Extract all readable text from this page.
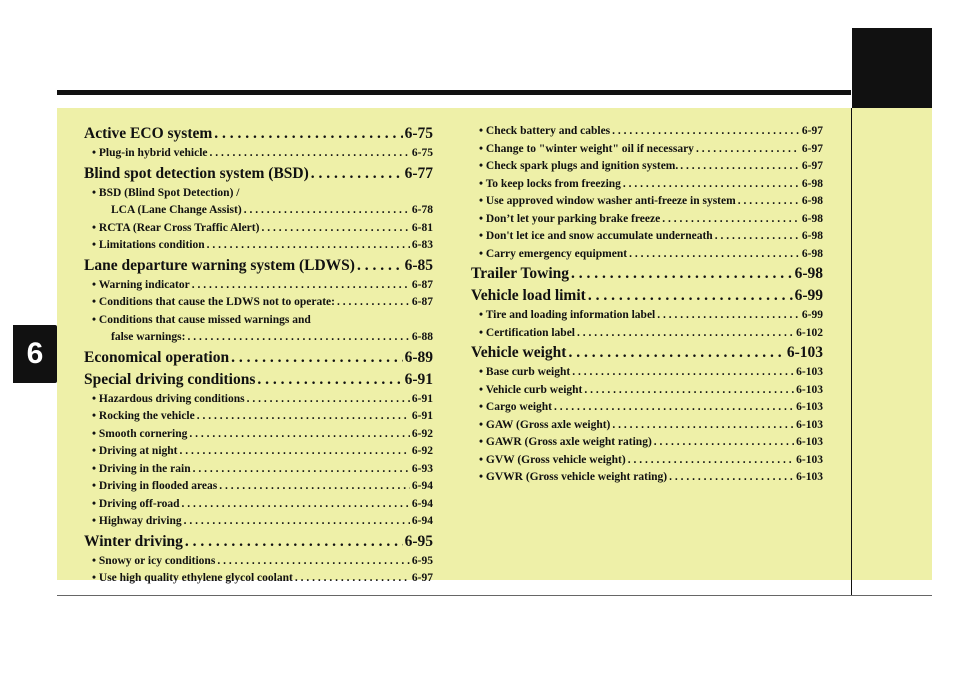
6
Active ECO system . . .	6-75
• Plug-in hybrid vehicle . . .	6-75
Blind spot detection system (BSD) . . .	6-77
• BSD (Blind Spot Detection) /
LCA (Lane Change Assist) . . .	6-78
• RCTA (Rear Cross Traffic Alert) . . .	6-81
• Limitations condition . . .	6-83
Lane departure warning system (LDWS) . . .	6-85
• Warning indicator . . .	6-87
• Conditions that cause the LDWS not to operate: . . .	6-87
• Conditions that cause missed warnings and
false warnings: . . .	6-88
Economical operation . . .	6-89
Special driving conditions . . .	6-91
• Hazardous driving conditions . . .	6-91
• Rocking the vehicle . . .	6-91
• Smooth cornering . . .	6-92
• Driving at night . . .	6-92
• Driving in the rain . . .	6-93
• Driving in flooded areas . . .	6-94
• Driving off-road . . .	6-94
• Highway driving . . .	6-94
Winter driving . . .	6-95
• Snowy or icy conditions . . .	6-95
• Use high quality ethylene glycol coolant . . .	6-97
• Check battery and cables . . .	6-97
• Change to "winter weight" oil if necessary . . .	6-97
• Check spark plugs and ignition system. . . .	6-97
• To keep locks from freezing . . .	6-98
• Use approved window washer anti-freeze in system . . .	6-98
• Don’t let your parking brake freeze . . .	6-98
• Don't let ice and snow accumulate underneath . . .	6-98
• Carry emergency equipment . . .	6-98
Trailer Towing . . .	6-98
Vehicle load limit . . .	6-99
• Tire and loading information label . . .	6-99
• Certification label . . .	6-102
Vehicle weight . . .	6-103
• Base curb weight . . .	6-103
• Vehicle curb weight . . .	6-103
• Cargo weight . . .	6-103
• GAW (Gross axle weight) . . .	6-103
• GAWR (Gross axle weight rating) . . .	6-103
• GVW (Gross vehicle weight) . . .	6-103
• GVWR (Gross vehicle weight rating) . . .	6-103
